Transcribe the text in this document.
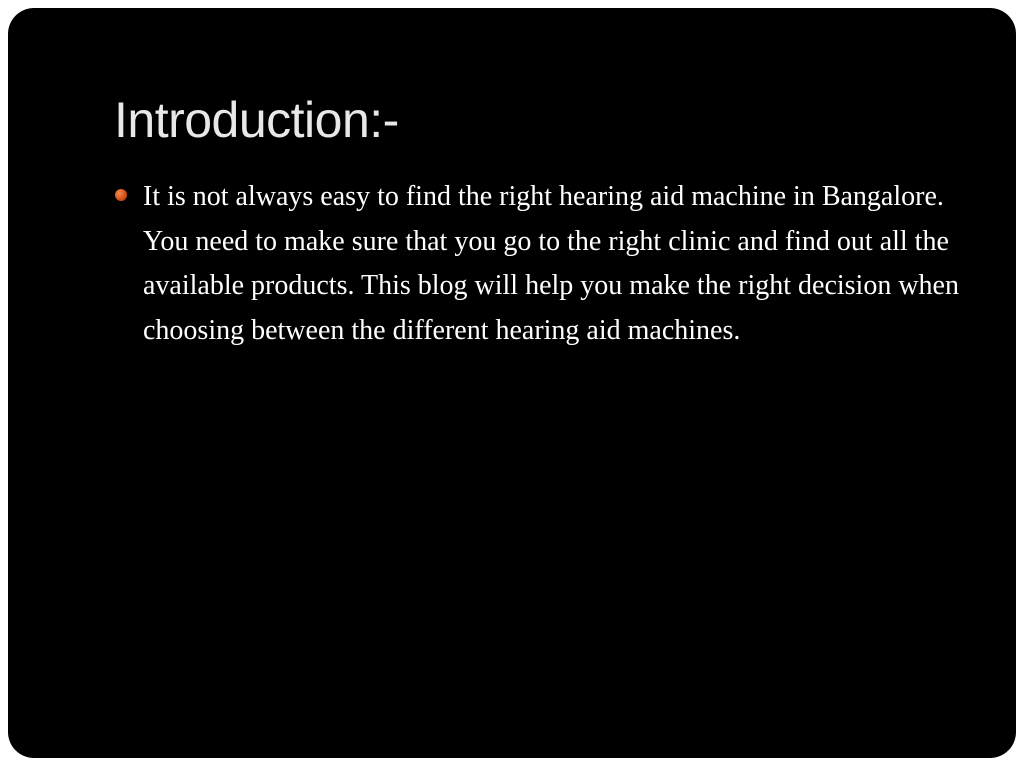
Introduction:-
It is not always easy to find the right hearing aid machine in Bangalore. You need to make sure that you go to the right clinic and find out all the available products. This blog will help you make the right decision when choosing between the different hearing aid machines.
